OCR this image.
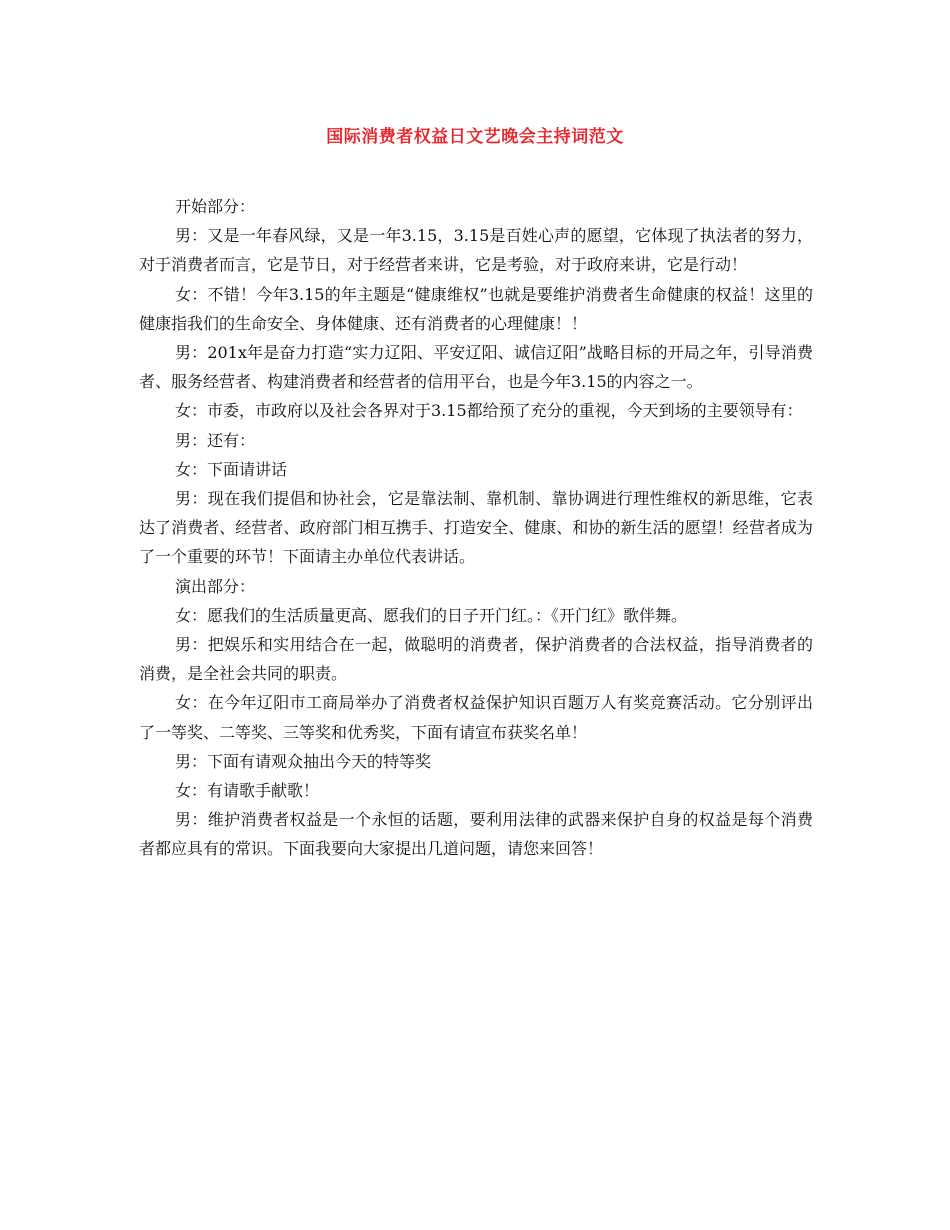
国际消费者权益日文艺晚会主持词范文

开始部分：

男：又是一年春风绿，又是一年3.15，3.15是百姓心声的愿望，它体现了执法者的努力，对于消费者而言，它是节日，对于经营者来讲，它是考验，对于政府来讲，它是行动！

女：不错！今年3.15的年主题是“健康维权”也就是要维护消费者生命健康的权益！这里的健康指我们的生命安全、身体健康、还有消费者的心理健康！！

男：201x年是奋力打造“实力辽阳、平安辽阳、诚信辽阳”战略目标的开局之年，引导消费者、服务经营者、构建消费者和经营者的信用平台，也是今年3.15的内容之一。

女：市委，市政府以及社会各界对于3.15都给预了充分的重视，今天到场的主要领导有：

男：还有：

女：下面请讲话

男：现在我们提倡和协社会，它是靠法制、靠机制、靠协调进行理性维权的新思维，它表达了消费者、经营者、政府部门相互携手、打造安全、健康、和协的新生活的愿望！经营者成为了一个重要的环节！下面请主办单位代表讲话。

演出部分：

女：愿我们的生活质量更高、愿我们的日子开门红。：《开门红》歌伴舞。

男：把娱乐和实用结合在一起，做聪明的消费者，保护消费者的合法权益，指导消费者的消费，是全社会共同的职责。

女：在今年辽阳市工商局举办了消费者权益保护知识百题万人有奖竞赛活动。它分别评出了一等奖、二等奖、三等奖和优秀奖，下面有请宣布获奖名单！

男：下面有请观众抽出今天的特等奖

女：有请歌手献歌！

男：维护消费者权益是一个永恒的话题，要利用法律的武器来保护自身的权益是每个消费者都应具有的常识。下面我要向大家提出几道问题，请您来回答！
